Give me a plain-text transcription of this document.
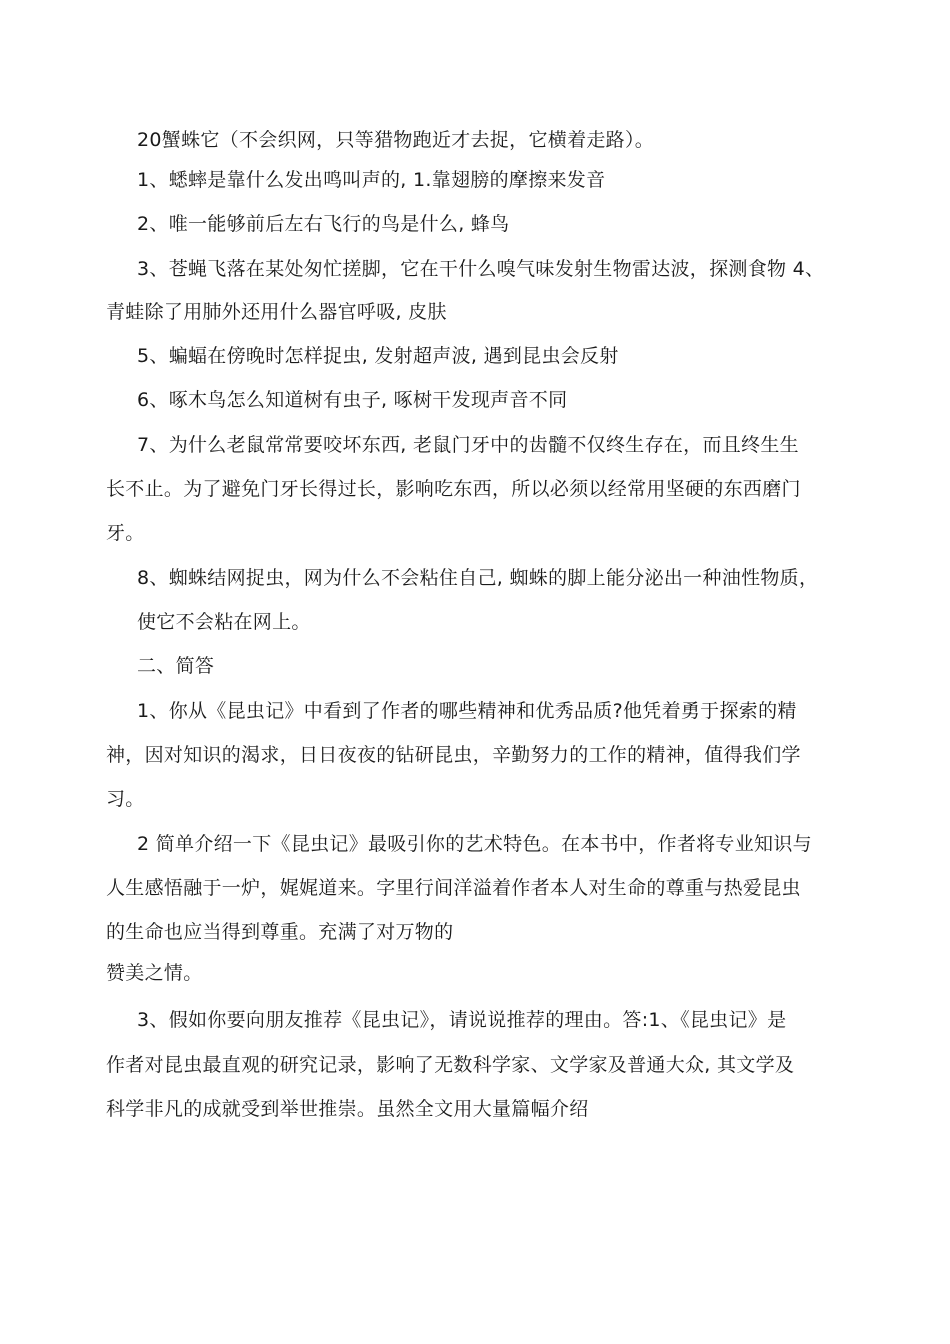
20蟹蛛它（不会织网，只等猎物跑近才去捉，它横着走路）。
1、蟋蟀是靠什么发出鸣叫声的, 1.靠翅膀的摩擦来发音
2、唯一能够前后左右飞行的鸟是什么, 蜂鸟
3、苍蝇飞落在某处匆忙搓脚，它在干什么嗅气味发射生物雷达波，探测食物 4、
青蛙除了用肺外还用什么器官呼吸, 皮肤
5、蝙蝠在傍晚时怎样捉虫, 发射超声波, 遇到昆虫会反射
6、啄木鸟怎么知道树有虫子, 啄树干发现声音不同
7、为什么老鼠常常要咬坏东西, 老鼠门牙中的齿髓不仅终生存在，而且终生生
长不止。为了避免门牙长得过长，影响吃东西，所以必须以经常用坚硬的东西磨门
牙。
8、蜘蛛结网捉虫，网为什么不会粘住自己, 蜘蛛的脚上能分泌出一种油性物质，
使它不会粘在网上。
二、简答
1、你从《昆虫记》中看到了作者的哪些精神和优秀品质?他凭着勇于探索的精
神，因对知识的渴求，日日夜夜的钻研昆虫，辛勤努力的工作的精神，值得我们学
习。
2 简单介绍一下《昆虫记》最吸引你的艺术特色。在本书中，作者将专业知识与
人生感悟融于一炉，娓娓道来。字里行间洋溢着作者本人对生命的尊重与热爱昆虫
的生命也应当得到尊重。充满了对万物的
赞美之情。
3、假如你要向朋友推荐《昆虫记》，请说说推荐的理由。答:1、《昆虫记》是
作者对昆虫最直观的研究记录，影响了无数科学家、文学家及普通大众, 其文学及
科学非凡的成就受到举世推崇。虽然全文用大量篇幅介绍
